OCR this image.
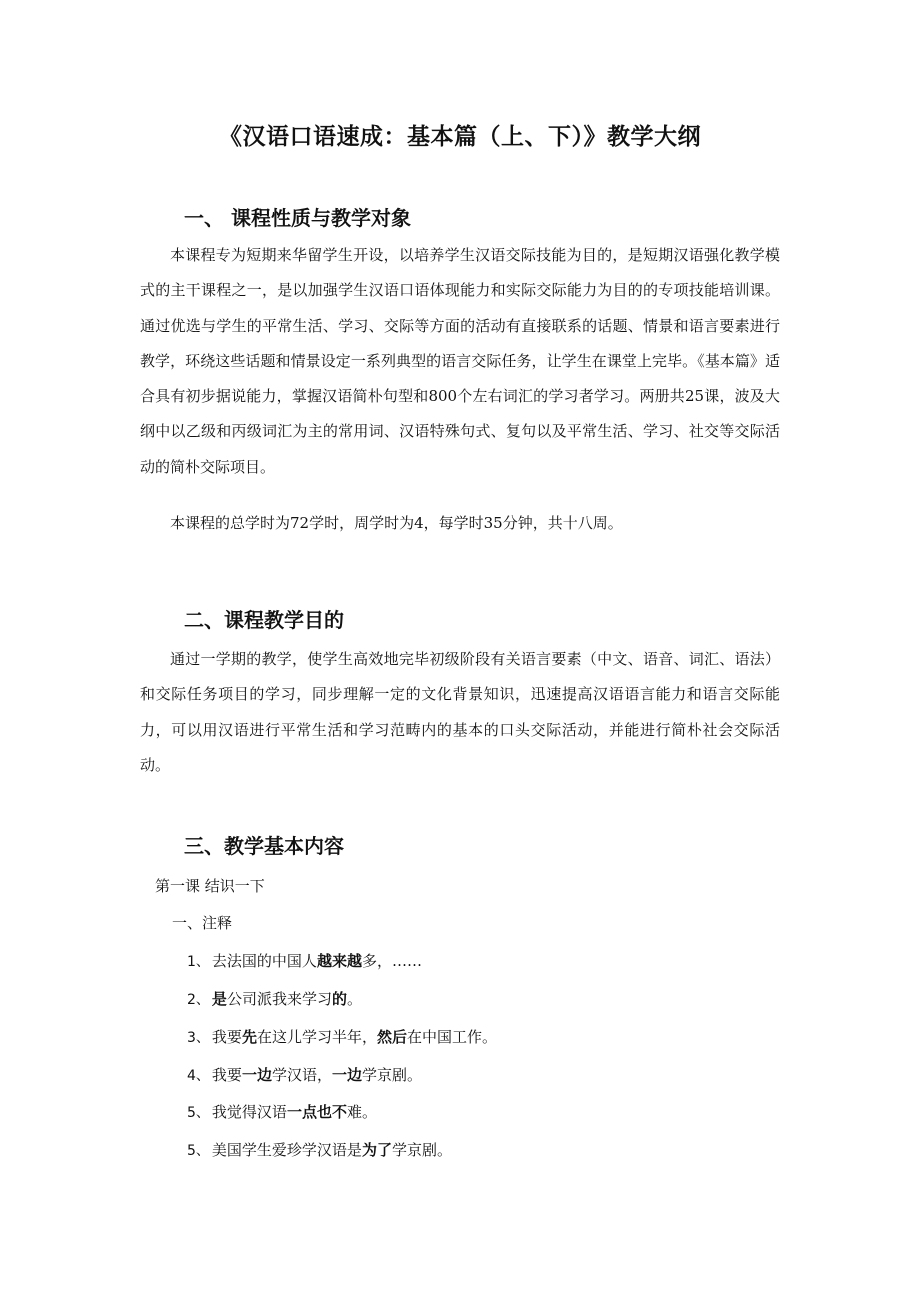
《汉语口语速成：基本篇（上、下）》教学大纲
一、 课程性质与教学对象
本课程专为短期来华留学生开设，以培养学生汉语交际技能为目的，是短期汉语强化教学模式的主干课程之一，是以加强学生汉语口语体现能力和实际交际能力为目的的专项技能培训课。通过优选与学生的平常生活、学习、交际等方面的活动有直接联系的话题、情景和语言要素进行教学，环绕这些话题和情景设定一系列典型的语言交际任务，让学生在课堂上完毕。《基本篇》适合具有初步据说能力，掌握汉语简朴句型和800个左右词汇的学习者学习。两册共25课，波及大纲中以乙级和丙级词汇为主的常用词、汉语特殊句式、复句以及平常生活、学习、社交等交际活动的简朴交际项目。
本课程的总学时为72学时，周学时为4，每学时35分钟，共十八周。
二、课程教学目的
通过一学期的教学，使学生高效地完毕初级阶段有关语言要素（中文、语音、词汇、语法）和交际任务项目的学习，同步理解一定的文化背景知识，迅速提高汉语语言能力和语言交际能力，可以用汉语进行平常生活和学习范畴内的基本的口头交际活动，并能进行简朴社会交际活动。
三、教学基本内容
第一课 结识一下
一、注释
1、 去法国的中国人越来越多，……
2、 是公司派我来学习的。
3、 我要先在这儿学习半年，然后在中国工作。
4、 我要一边学汉语，一边学京剧。
5、 我觉得汉语一点也不难。
5、 美国学生爱珍学汉语是为了学京剧。
